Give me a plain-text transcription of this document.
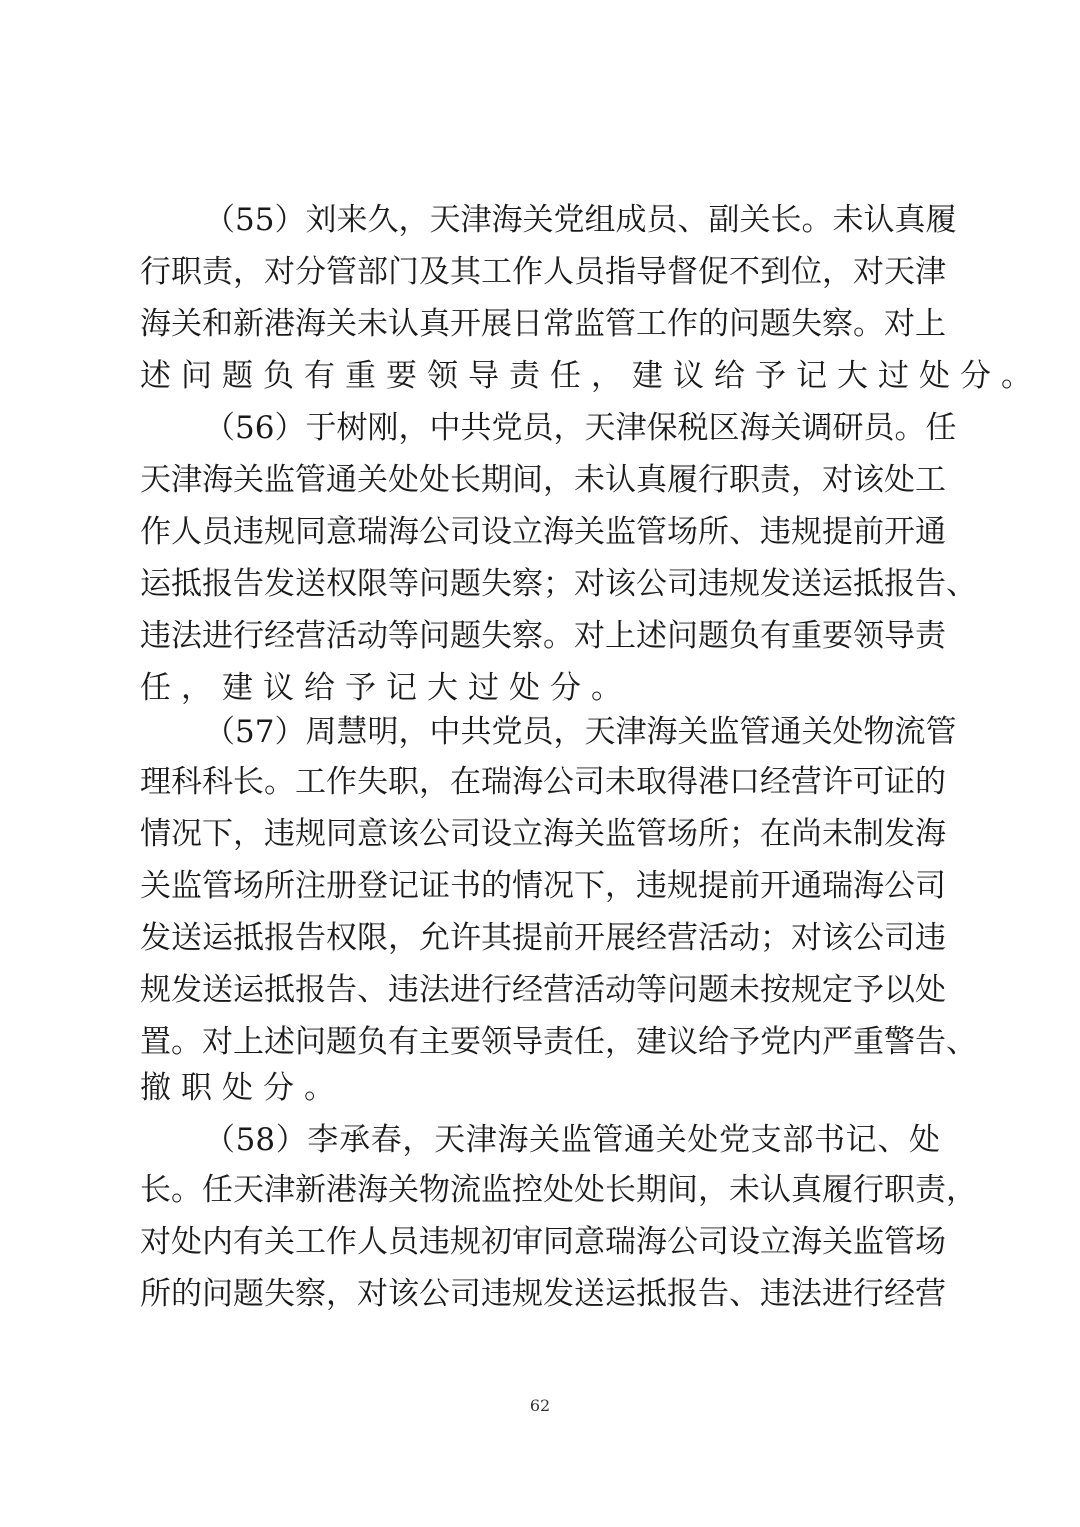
（55）刘来久，天津海关党组成员、副关长。未认真履
行职责，对分管部门及其工作人员指导督促不到位，对天津
海关和新港海关未认真开展日常监管工作的问题失察。对上
述问题负有重要领导责任，建议给予记大过处分。
（56）于树刚，中共党员，天津保税区海关调研员。任
天津海关监管通关处处长期间，未认真履行职责，对该处工
作人员违规同意瑞海公司设立海关监管场所、违规提前开通
运抵报告发送权限等问题失察；对该公司违规发送运抵报告、
违法进行经营活动等问题失察。对上述问题负有重要领导责
任，建议给予记大过处分。
（57）周慧明，中共党员，天津海关监管通关处物流管
理科科长。工作失职，在瑞海公司未取得港口经营许可证的
情况下，违规同意该公司设立海关监管场所；在尚未制发海
关监管场所注册登记证书的情况下，违规提前开通瑞海公司
发送运抵报告权限，允许其提前开展经营活动；对该公司违
规发送运抵报告、违法进行经营活动等问题未按规定予以处
置。对上述问题负有主要领导责任，建议给予党内严重警告、
撤职处分。
（58）李承春，天津海关监管通关处党支部书记、处
长。任天津新港海关物流监控处处长期间，未认真履行职责，
对处内有关工作人员违规初审同意瑞海公司设立海关监管场
所的问题失察，对该公司违规发送运抵报告、违法进行经营
62
